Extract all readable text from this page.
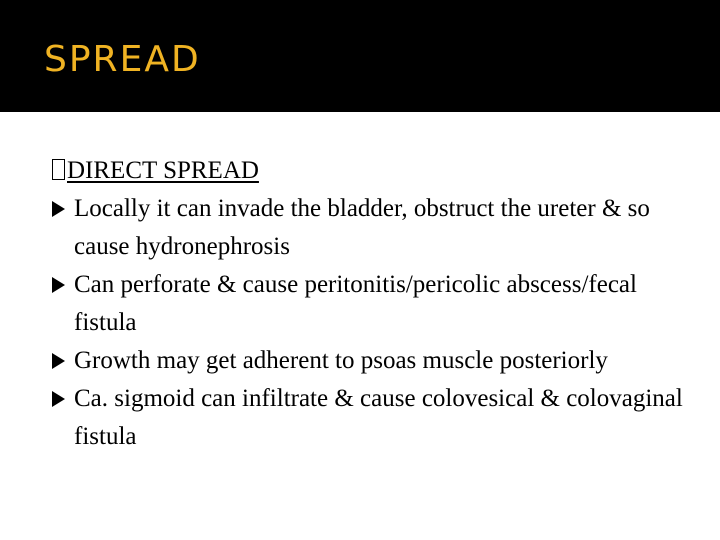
SPREAD
DIRECT SPREAD
Locally it can invade the bladder, obstruct the ureter & so cause hydronephrosis
Can perforate & cause peritonitis/pericolic abscess/fecal fistula
Growth may get adherent to psoas muscle posteriorly
Ca. sigmoid can infiltrate & cause colovesical & colovaginal fistula
